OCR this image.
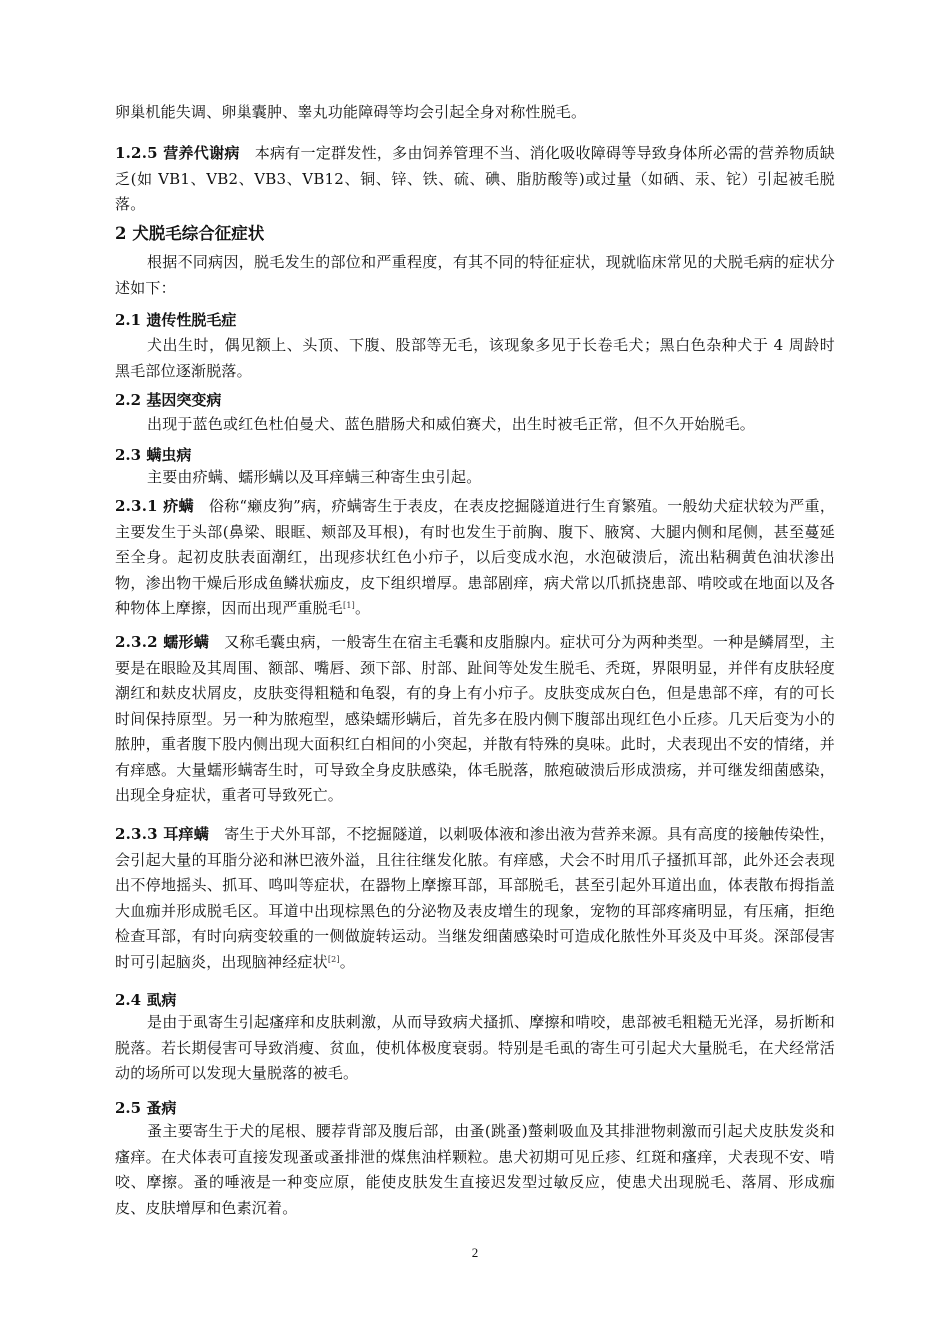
卵巢机能失调、卵巢囊肿、睾丸功能障碍等均会引起全身对称性脱毛。

1.2.5 营养代谢病 本病有一定群发性，多由饲养管理不当、消化吸收障碍等导致身体所必需的营养物质缺乏(如 VB1、VB2、VB3、VB12、铜、锌、铁、硫、碘、脂肪酸等)或过量（如硒、汞、铊）引起被毛脱落。

2 犬脱毛综合征症状

根据不同病因，脱毛发生的部位和严重程度，有其不同的特征症状，现就临床常见的犬脱毛病的症状分述如下：

2.1 遗传性脱毛症

犬出生时，偶见额上、头顶、下腹、股部等无毛，该现象多见于长卷毛犬；黑白色杂种犬于 4 周龄时黑毛部位逐渐脱落。

2.2 基因突变病

出现于蓝色或红色杜伯曼犬、蓝色腊肠犬和威伯赛犬，出生时被毛正常，但不久开始脱毛。

2.3 螨虫病

主要由疥螨、蠕形螨以及耳痒螨三种寄生虫引起。

2.3.1 疥螨 俗称“癞皮狗”病，疥螨寄生于表皮，在表皮挖掘隧道进行生育繁殖。一般幼犬症状较为严重，主要发生于头部(鼻梁、眼眶、颊部及耳根)，有时也发生于前胸、腹下、腋窝、大腿内侧和尾侧，甚至蔓延至全身。起初皮肤表面潮红，出现疹状红色小疖子，以后变成水泡，水泡破溃后，流出粘稠黄色油状渗出物，渗出物干燥后形成鱼鳞状痂皮，皮下组织增厚。患部剧痒，病犬常以爪抓挠患部、啃咬或在地面以及各种物体上摩擦，因而出现严重脱毛[1]。

2.3.2 蠕形螨 又称毛囊虫病，一般寄生在宿主毛囊和皮脂腺内。症状可分为两种类型。一种是鳞屑型，主要是在眼睑及其周围、额部、嘴唇、颈下部、肘部、趾间等处发生脱毛、秃斑，界限明显，并伴有皮肤轻度潮红和麸皮状屑皮，皮肤变得粗糙和龟裂，有的身上有小疖子。皮肤变成灰白色，但是患部不痒，有的可长时间保持原型。另一种为脓疱型，感染蠕形螨后，首先多在股内侧下腹部出现红色小丘疹。几天后变为小的脓肿，重者腹下股内侧出现大面积红白相间的小突起，并散有特殊的臭味。此时，犬表现出不安的情绪，并有痒感。大量蠕形螨寄生时，可导致全身皮肤感染，体毛脱落，脓疱破溃后形成溃疡，并可继发细菌感染，出现全身症状，重者可导致死亡。

2.3.3 耳痒螨 寄生于犬外耳部，不挖掘隧道，以刺吸体液和渗出液为营养来源。具有高度的接触传染性，会引起大量的耳脂分泌和淋巴液外溢，且往往继发化脓。有痒感，犬会不时用爪子搔抓耳部，此外还会表现出不停地摇头、抓耳、鸣叫等症状，在器物上摩擦耳部，耳部脱毛，甚至引起外耳道出血，体表散布拇指盖大血痂并形成脱毛区。耳道中出现棕黑色的分泌物及表皮增生的现象，宠物的耳部疼痛明显，有压痛，拒绝检查耳部，有时向病变较重的一侧做旋转运动。当继发细菌感染时可造成化脓性外耳炎及中耳炎。深部侵害时可引起脑炎，出现脑神经症状[2]。

2.4 虱病

是由于虱寄生引起瘙痒和皮肤刺激，从而导致病犬搔抓、摩擦和啃咬，患部被毛粗糙无光泽，易折断和脱落。若长期侵害可导致消瘦、贫血，使机体极度衰弱。特别是毛虱的寄生可引起犬大量脱毛，在犬经常活动的场所可以发现大量脱落的被毛。

2.5 蚤病

蚤主要寄生于犬的尾根、腰荐背部及腹后部，由蚤(跳蚤)螫刺吸血及其排泄物刺激而引起犬皮肤发炎和瘙痒。在犬体表可直接发现蚤或蚤排泄的煤焦油样颗粒。患犬初期可见丘疹、红斑和瘙痒，犬表现不安、啃咬、摩擦。蚤的唾液是一种变应原，能使皮肤发生直接迟发型过敏反应，使患犬出现脱毛、落屑、形成痂皮、皮肤增厚和色素沉着。

2
